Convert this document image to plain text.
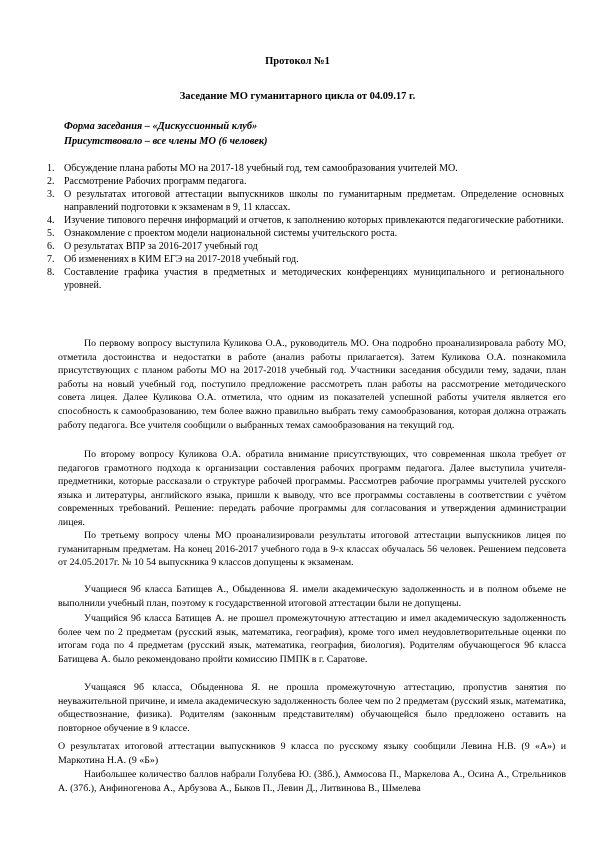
Протокол №1
Заседание МО гуманитарного цикла от 04.09.17 г.
Форма заседания – «Дискуссионный клуб»
Присутствовало – все члены МО (6 человек)
1. Обсуждение плана работы МО на 2017-18 учебный год, тем самообразования учителей МО.
2. Рассмотрение Рабочих программ педагога.
3. О результатах итоговой аттестации выпускников школы по гуманитарным предметам. Определение основных направлений подготовки к экзаменам в 9, 11 классах.
4. Изучение типового перечня информаций и отчетов, к заполнению которых привлекаются педагогические работники.
5. Ознакомление с проектом модели национальной системы учительского роста.
6. О результатах ВПР за 2016-2017 учебный год
7. Об изменениях в КИМ ЕГЭ на 2017-2018 учебный год.
8. Составление графика участия в предметных и методических конференциях муниципального и регионального уровней.

По первому вопросу выступила Куликова О.А., руководитель МО. Она подробно проанализировала работу МО, отметила достоинства и недостатки в работе (анализ работы прилагается). Затем Куликова О.А. познакомила присутствующих с планом работы МО на 2017-2018 учебный год. Участники заседания обсудили тему, задачи, план работы на новый учебный год, поступило предложение рассмотреть план работы на рассмотрение методического совета лицея. Далее Куликова О.А. отметила, что одним из показателей успешной работы учителя является его способность к самообразованию, тем более важно правильно выбрать тему самообразования, которая должна отражать работу педагога. Все учителя сообщили о выбранных темах самообразования на текущий год.

По второму вопросу Куликова О.А. обратила внимание присутствующих, что современная школа требует от педагогов грамотного подхода к организации составления рабочих программ педагога. Далее выступила учителя-предметники, которые рассказали о структуре рабочей программы. Рассмотрев рабочие программы учителей русского языка и литературы, английского языка, пришли к выводу, что все программы составлены в соответствии с учётом современных требований. Решение: передать рабочие программы для согласования и утверждения администрации лицея.

По третьему вопросу члены МО проанализировали результаты итоговой аттестации выпускников лицея по гуманитарным предметам. На конец 2016-2017 учебного года в 9-х классах обучалась 56 человек. Решением педсовета от 24.05.2017г. № 10 54 выпускника 9 классов допущены к экзаменам.

Учащиеся 9б класса Батищев А., Обыденнова Я. имели академическую задолженность и в полном объеме не выполнили учебный план, поэтому к государственной итоговой аттестации были не допущены.

Учащийся 9б класса Батищев А. не прошел промежуточную аттестацию и имел академическую задолженность более чем по 2 предметам (русский язык, математика, география), кроме того имел неудовлетворительные оценки по итогам года по 4 предметам (русский язык, математика, география, биология). Родителям обучающегося 9б класса Батищева А. было рекомендовано пройти комиссию ПМПК в г. Саратове.

Учащаяся 9б класса, Обыденнова Я. не прошла промежуточную аттестацию, пропустив занятия по неуважительной причине, и имела академическую задолженность более чем по 2 предметам (русский язык, математика, обществознание, физика). Родителям (законным представителям) обучающейся было предложено оставить на повторное обучение в 9 классе.

О результатах итоговой аттестации выпускников 9 класса по русскому языку сообщили Левина Н.В. (9 «А») и Маркотина Н.А. (9 «Б»)

Наибольшее количество баллов набрали Голубева Ю. (38б.), Аммосова П., Маркелова А., Осина А., Стрельников А. (37б.), Анфиногенова А., Арбузова А., Быков П., Левин Д., Литвинова В., Шмелева
